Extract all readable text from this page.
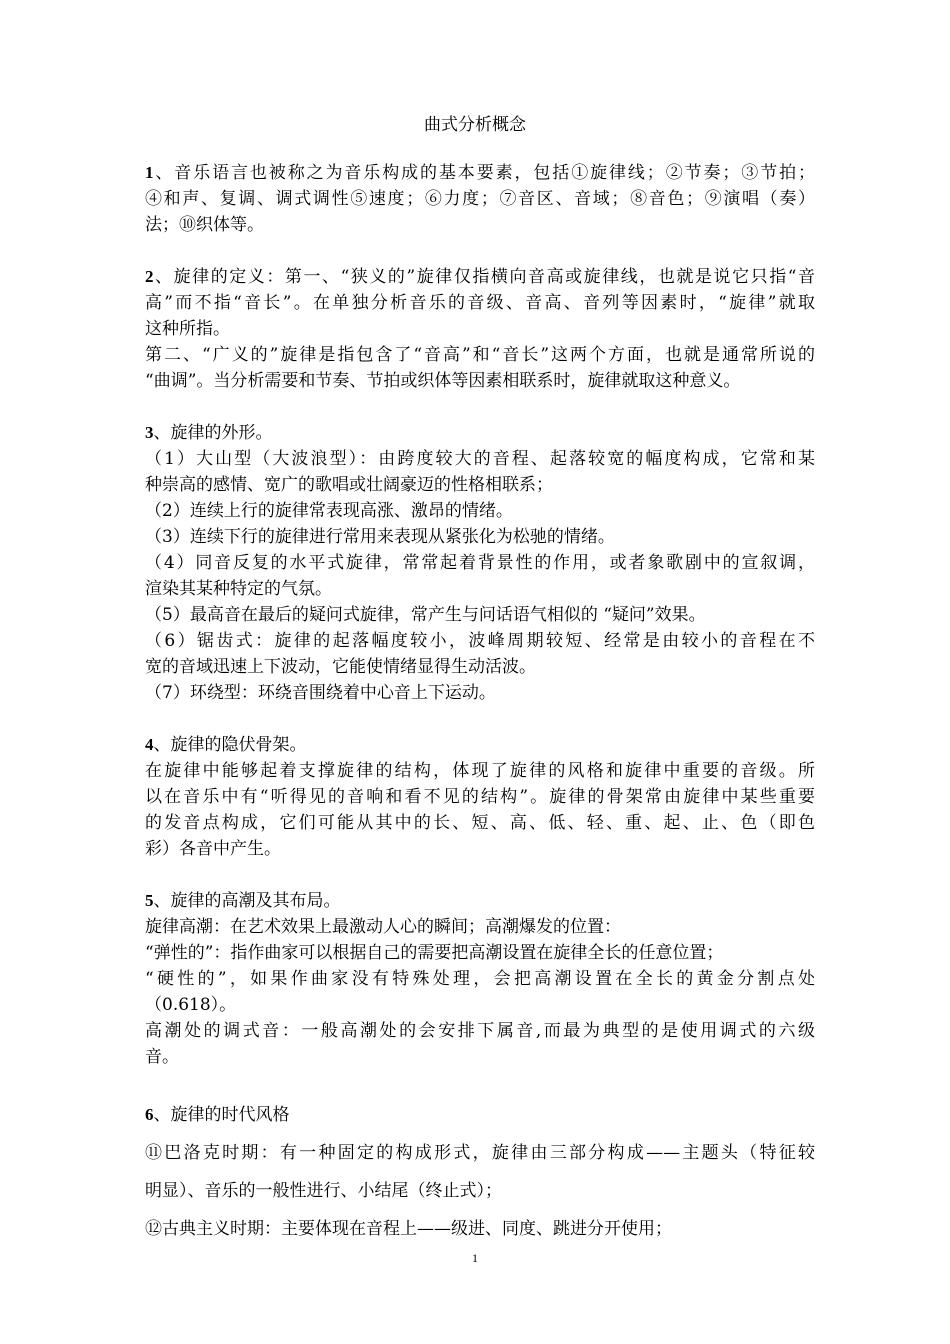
曲式分析概念

1、音乐语言也被称之为音乐构成的基本要素，包括①旋律线；②节奏；③节拍；

④和声、复调、调式调性⑤速度；⑥力度；⑦音区、音域；⑧音色；⑨演唱（奏）

法；⑩织体等。

2、旋律的定义：第一、“狭义的”旋律仅指横向音高或旋律线，也就是说它只指“音

高”而不指“音长”。在单独分析音乐的音级、音高、音列等因素时，“旋律”就取

这种所指。

第二、“广义的”旋律是指包含了“音高”和“音长”这两个方面，也就是通常所说的

“曲调”。当分析需要和节奏、节拍或织体等因素相联系时，旋律就取这种意义。

3、旋律的外形。

（1）大山型（大波浪型）：由跨度较大的音程、起落较宽的幅度构成，它常和某

种崇高的感情、宽广的歌唱或壮阔豪迈的性格相联系；

（2）连续上行的旋律常表现高涨、激昂的情绪。

（3）连续下行的旋律进行常用来表现从紧张化为松驰的情绪。

（4）同音反复的水平式旋律，常常起着背景性的作用，或者象歌剧中的宣叙调，

渲染其某种特定的气氛。

（5）最高音在最后的疑问式旋律，常产生与问话语气相似的 “疑问”效果。

（6）锯齿式：旋律的起落幅度较小，波峰周期较短、经常是由较小的音程在不

宽的音域迅速上下波动，它能使情绪显得生动活波。

（7）环绕型：环绕音围绕着中心音上下运动。

4、旋律的隐伏骨架。

在旋律中能够起着支撑旋律的结构，体现了旋律的风格和旋律中重要的音级。所

以在音乐中有“听得见的音响和看不见的结构”。旋律的骨架常由旋律中某些重要

的发音点构成，它们可能从其中的长、短、高、低、轻、重、起、止、色（即色

彩）各音中产生。

5、旋律的高潮及其布局。

旋律高潮：在艺术效果上最激动人心的瞬间；高潮爆发的位置：

“弹性的”：指作曲家可以根据自己的需要把高潮设置在旋律全长的任意位置；

“硬性的”，如果作曲家没有特殊处理，会把高潮设置在全长的黄金分割点处

（0.618）。

高潮处的调式音：一般高潮处的会安排下属音,而最为典型的是使用调式的六级

音。

6、旋律的时代风格

⑪巴洛克时期：有一种固定的构成形式，旋律由三部分构成——主题头（特征较

明显）、音乐的一般性进行、小结尾（终止式）；

⑫古典主义时期：主要体现在音程上——级进、同度、跳进分开使用；

1
